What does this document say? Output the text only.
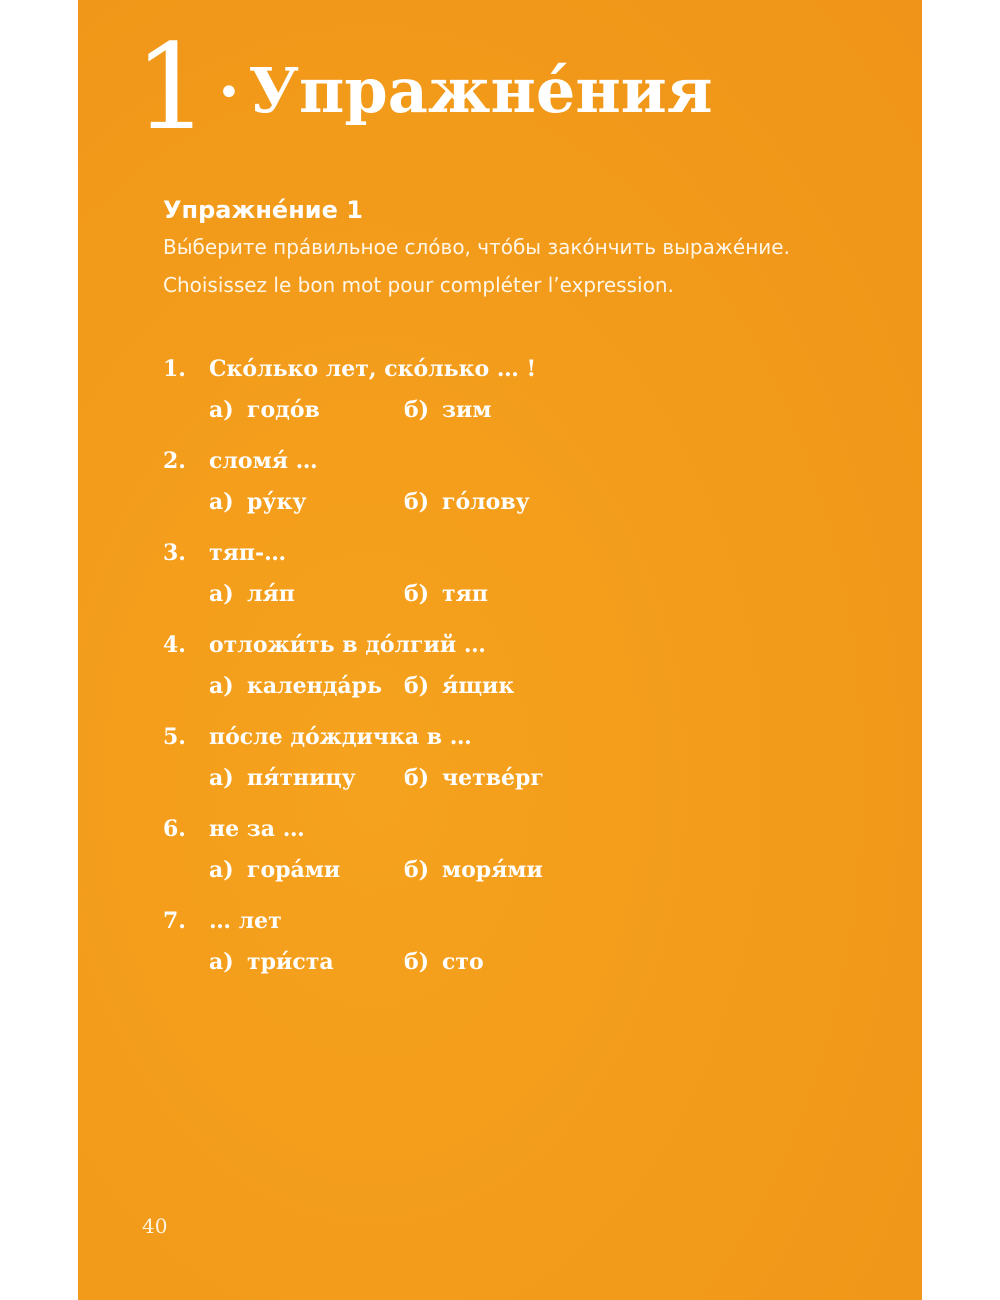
1 • Упражне́ния
Упражне́ние 1

Вы́берите пра́вильное сло́во, что́бы зако́нчить выраже́ние.

Choisissez le bon mot pour compléter l’expression.

1.	Ско́лько лет, ско́лько … !
а) годо́в	б) зим
2.	сломя́ …
а) ру́ку	б) го́лову
3.	тяп-…
а) ля́п	б) тяп
4.	отложи́ть в до́лгий …
а) календа́рь б) я́щик
5.	по́сле до́ждичка в …
а) пя́тницу б) четве́рг
6.	не за …
а) гора́ми	б) моря́ми
7.	… лет
а) три́ста	б) сто
40
